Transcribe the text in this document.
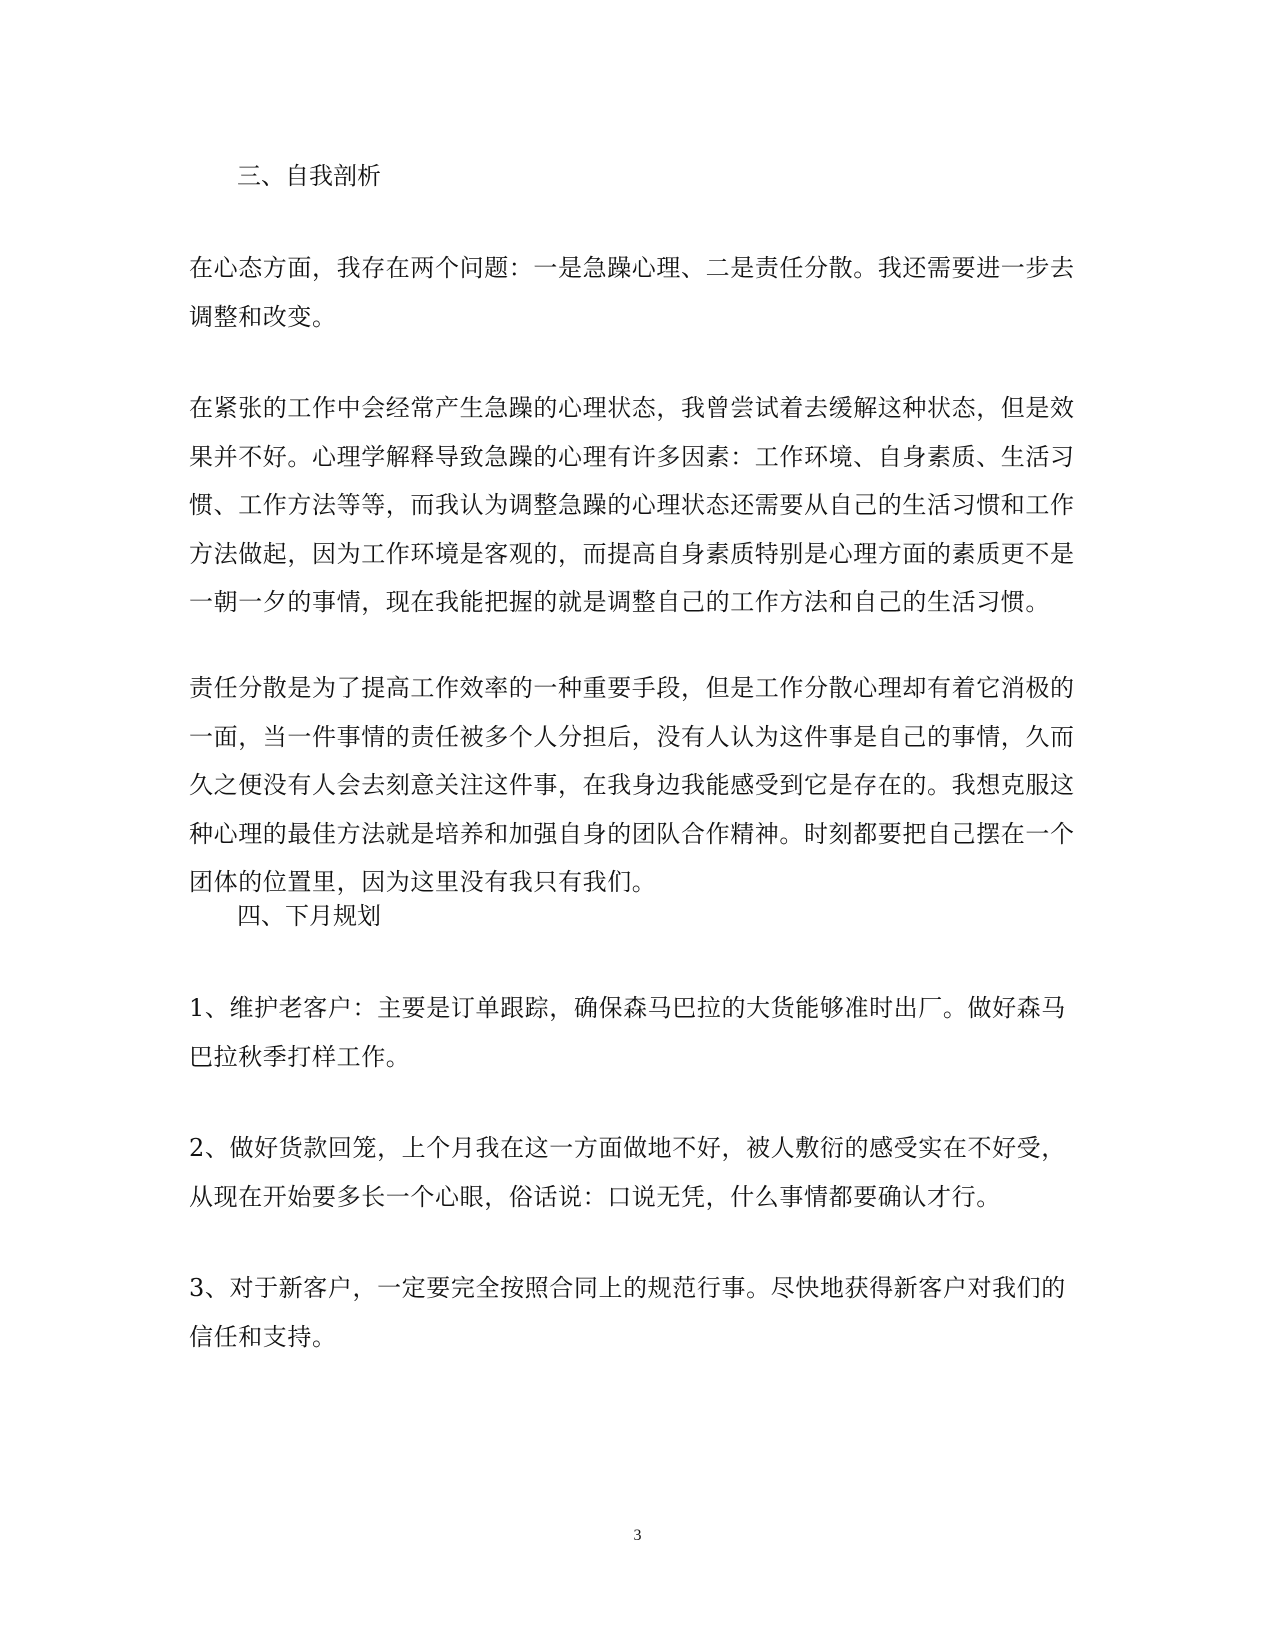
三、自我剖析

在心态方面，我存在两个问题：一是急躁心理、二是责任分散。我还需要进一步去调整和改变。

在紧张的工作中会经常产生急躁的心理状态，我曾尝试着去缓解这种状态，但是效果并不好。心理学解释导致急躁的心理有许多因素：工作环境、自身素质、生活习惯、工作方法等等，而我认为调整急躁的心理状态还需要从自己的生活习惯和工作方法做起，因为工作环境是客观的，而提高自身素质特别是心理方面的素质更不是一朝一夕的事情，现在我能把握的就是调整自己的工作方法和自己的生活习惯。

责任分散是为了提高工作效率的一种重要手段，但是工作分散心理却有着它消极的一面，当一件事情的责任被多个人分担后，没有人认为这件事是自己的事情，久而久之便没有人会去刻意关注这件事，在我身边我能感受到它是存在的。我想克服这种心理的最佳方法就是培养和加强自身的团队合作精神。时刻都要把自己摆在一个团体的位置里，因为这里没有我只有我们。

四、下月规划

1、维护老客户：主要是订单跟踪，确保森马巴拉的大货能够准时出厂。做好森马巴拉秋季打样工作。

2、做好货款回笼，上个月我在这一方面做地不好，被人敷衍的感受实在不好受，从现在开始要多长一个心眼，俗话说：口说无凭，什么事情都要确认才行。

3、对于新客户，一定要完全按照合同上的规范行事。尽快地获得新客户对我们的信任和支持。

3
